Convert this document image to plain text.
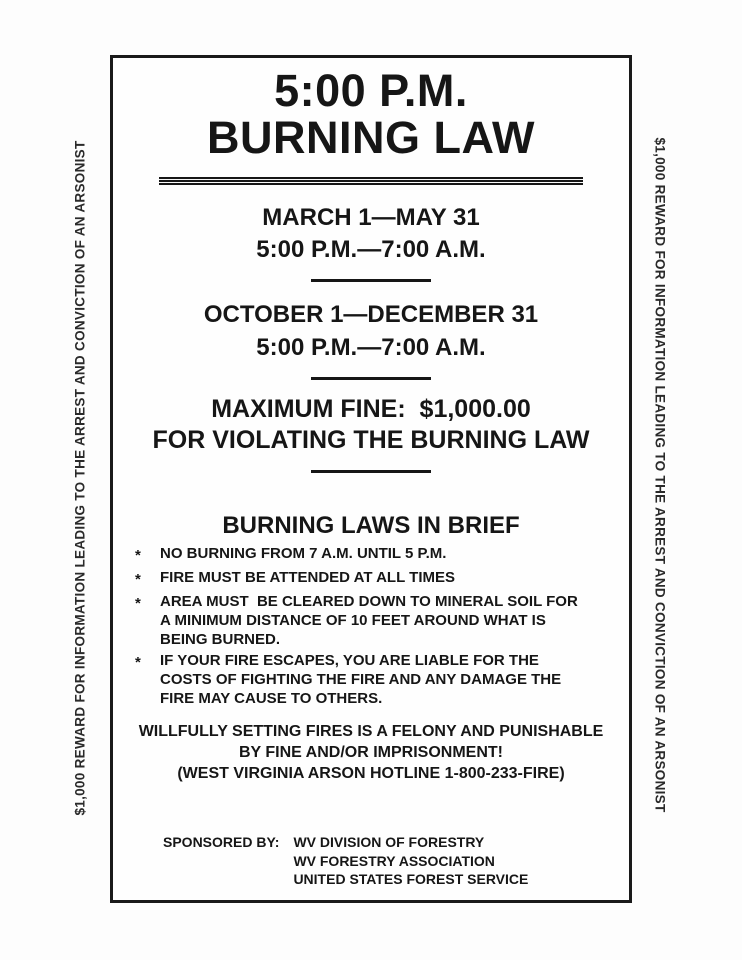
$1,000 REWARD FOR INFORMATION LEADING TO THE ARREST AND CONVICTION OF AN ARSONIST	$1,000 REWARD FOR INFORMATION LEADING TO THE ARREST AND CONVICTION OF AN ARSONIST
5:00 P.M.
BURNING LAW
MARCH 1—MAY 31
5:00 P.M.—7:00 A.M.
OCTOBER 1—DECEMBER 31
5:00 P.M.—7:00 A.M.
MAXIMUM FINE:  $1,000.00
FOR VIOLATING THE BURNING LAW
BURNING LAWS IN BRIEF
*	NO BURNING FROM 7 A.M. UNTIL 5 P.M.
*	FIRE MUST BE ATTENDED AT ALL TIMES
*	AREA MUST  BE CLEARED DOWN TO MINERAL SOIL FOR A MINIMUM DISTANCE OF 10 FEET AROUND WHAT IS BEING BURNED.
*	IF YOUR FIRE ESCAPES, YOU ARE LIABLE FOR THE COSTS OF FIGHTING THE FIRE AND ANY DAMAGE THE FIRE MAY CAUSE TO OTHERS.
WILLFULLY SETTING FIRES IS A FELONY AND PUNISHABLE
BY FINE AND/OR IMPRISONMENT!
(WEST VIRGINIA ARSON HOTLINE 1-800-233-FIRE)
SPONSORED BY: WV DIVISION OF FORESTRY
WV FORESTRY ASSOCIATION
UNITED STATES FOREST SERVICE
